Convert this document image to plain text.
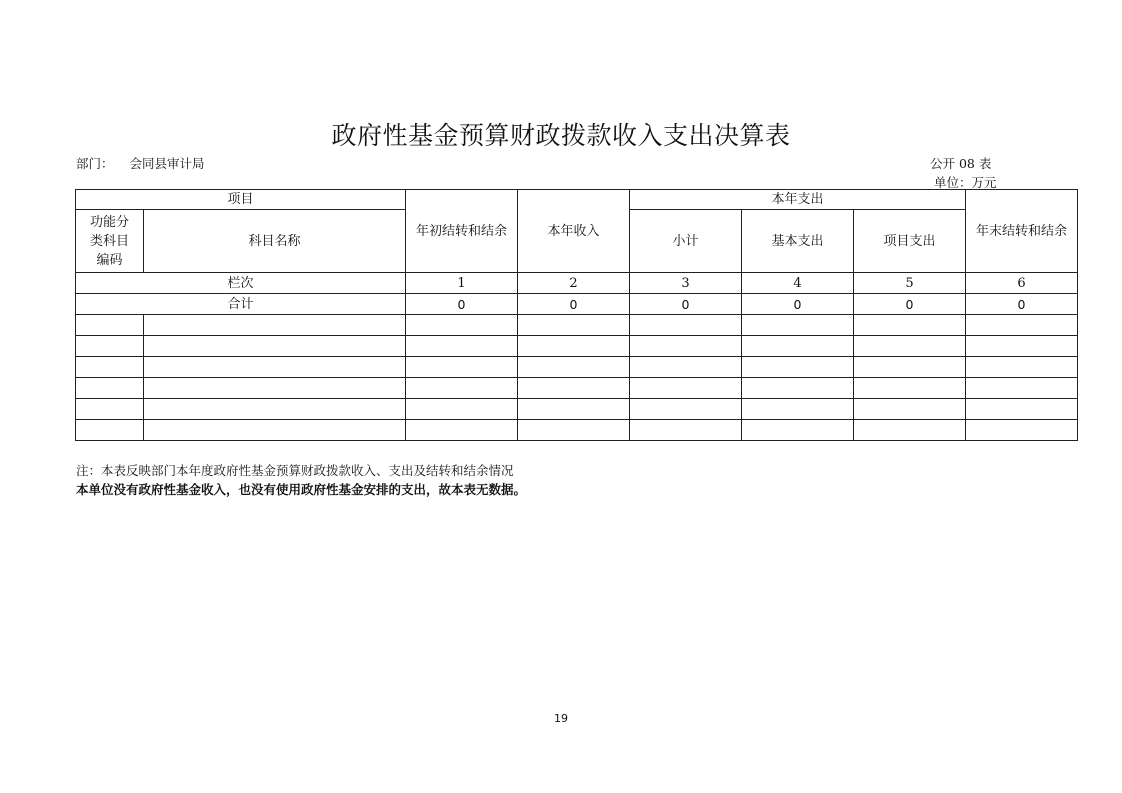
政府性基金预算财政拨款收入支出决算表
部门： 会同县审计局	公开 08 表
单位：万元
项目		年初结转和结余	本年收入	本年支出			年末结转和结余

功能分类科目编码	科目名称			小计	基本支出	项目支出	
栏次		1	2	3	4	5	6
合计		0	0	0	0	0	0

注：本表反映部门本年度政府性基金预算财政拨款收入、支出及结转和结余情况
本单位没有政府性基金收入，也没有使用政府性基金安排的支出，故本表无数据。
19
